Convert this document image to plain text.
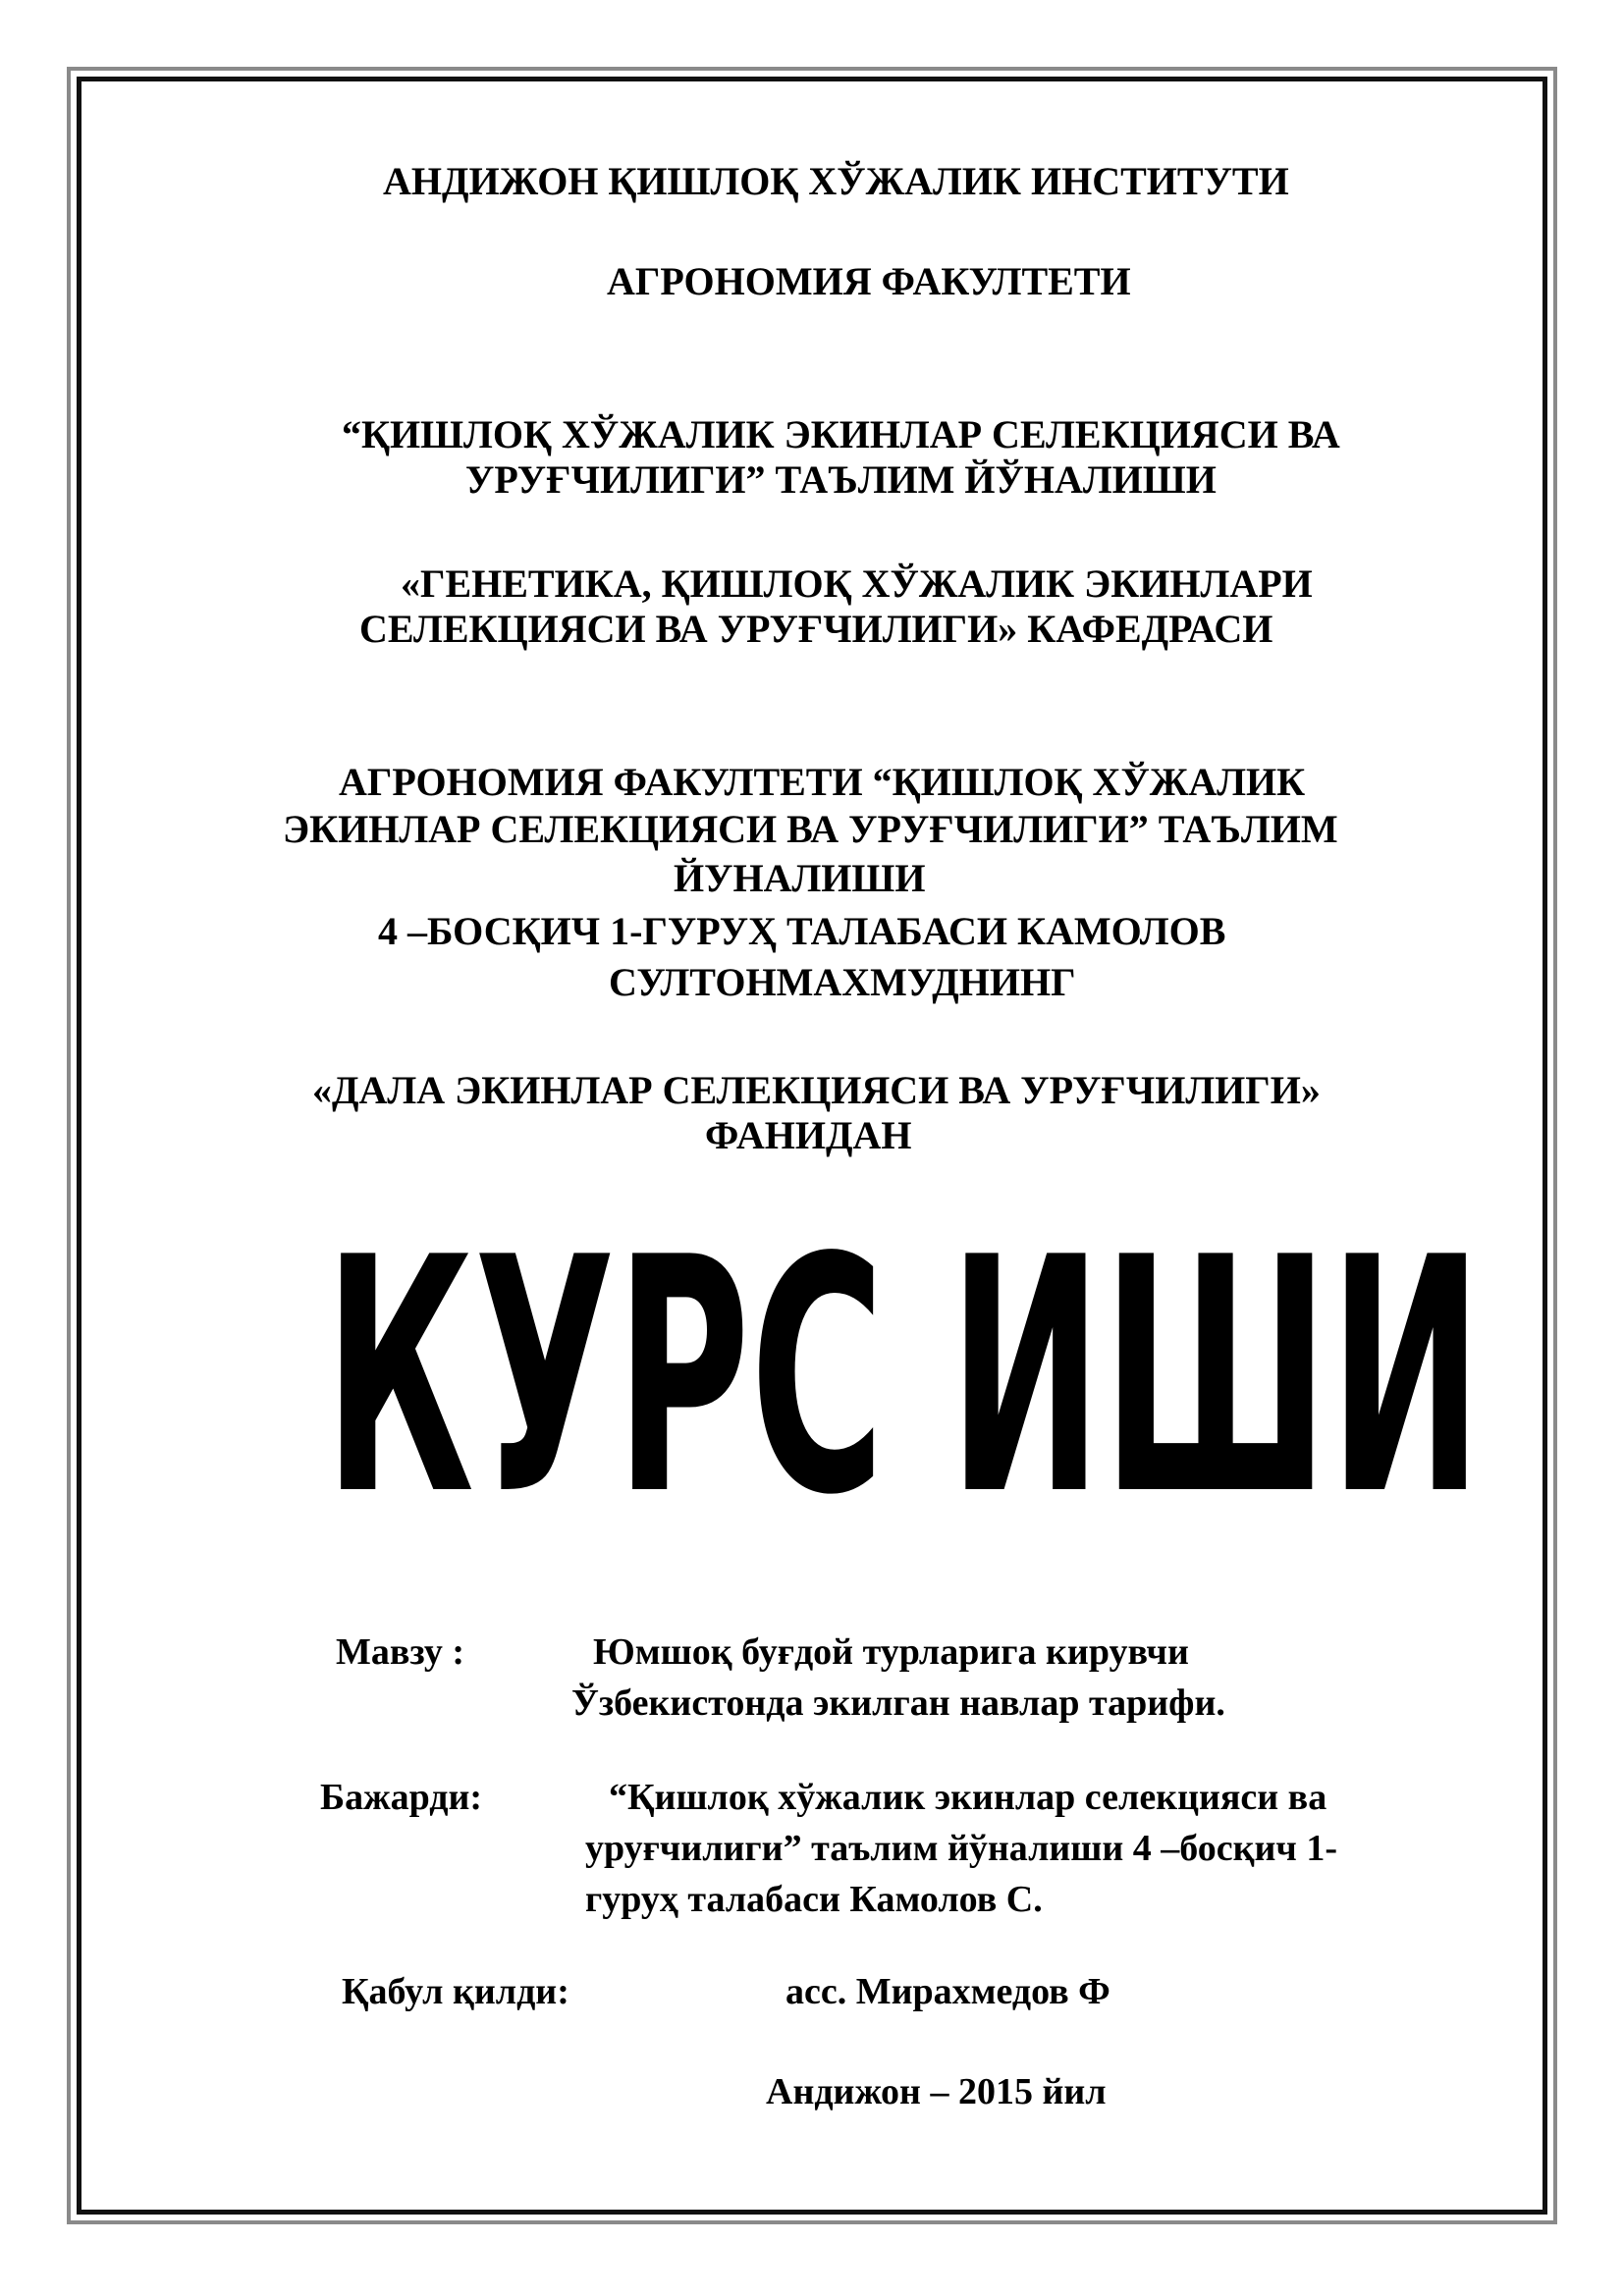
АНДИЖОН ҚИШЛОҚ ХЎЖАЛИК ИНСТИТУТИ

АГРОНОМИЯ ФАКУЛТЕТИ

“ҚИШЛОҚ ХЎЖАЛИК ЭКИНЛАР СЕЛЕКЦИЯСИ ВА

УРУҒЧИЛИГИ” ТАЪЛИМ ЙЎНАЛИШИ

«ГЕНЕТИКА, ҚИШЛОҚ ХЎЖАЛИК ЭКИНЛАРИ

СЕЛЕКЦИЯСИ ВА УРУҒЧИЛИГИ» КАФЕДРАСИ

АГРОНОМИЯ ФАКУЛТЕТИ “ҚИШЛОҚ ХЎЖАЛИК

ЭКИНЛАР СЕЛЕКЦИЯСИ ВА УРУҒЧИЛИГИ” ТАЪЛИМ

ЙУНАЛИШИ

4 –БОСҚИЧ 1-ГУРУҲ ТАЛАБАСИ КАМОЛОВ

СУЛТОНМАХМУДНИНГ

«ДАЛА ЭКИНЛАР СЕЛЕКЦИЯСИ ВА УРУҒЧИЛИГИ»

ФАНИДАН

КУРС ИШИ
Мавзу :	Юмшоқ буғдой турларига кирувчи
Ўзбекистонда экилган навлар тарифи.
Бажарди:	“Қишлоқ хўжалик экинлар селекцияси ва
уруғчилиги” таълим йўналиши 4 –босқич 1-
гуруҳ талабаси Камолов С.
Қабул қилди:	асс. Мирахмедов Ф
Андижон – 2015 йил
